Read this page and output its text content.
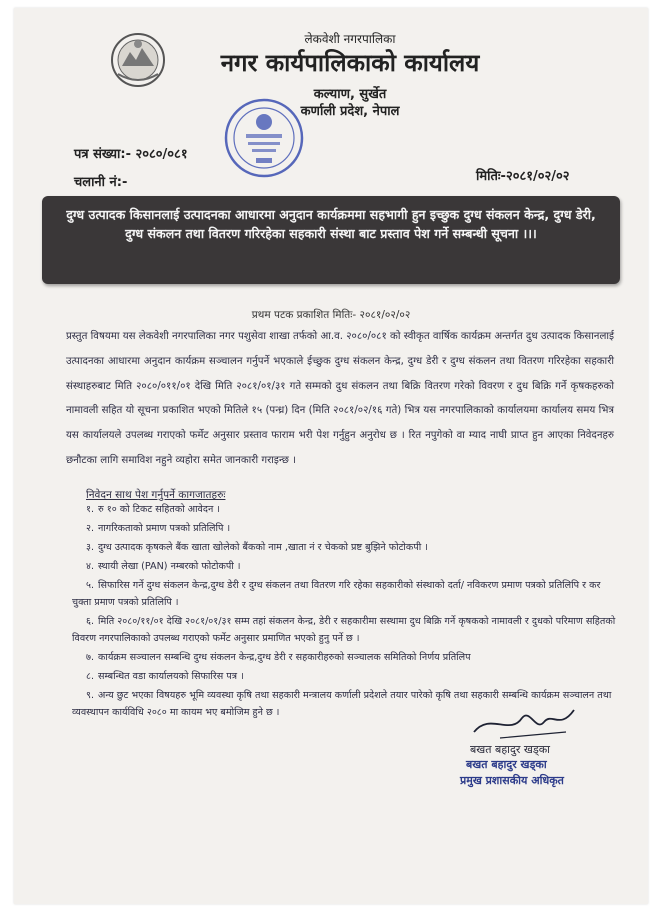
लेकवेशी नगरपालिका
नगर कार्यपालिकाको कार्यालय
कल्याण, सुर्खेत
कर्णाली प्रदेश, नेपाल
पत्र संख्या:- २०८०/०८१
चलानी नं:-	मितिः-२०८१/०२/०२
दुग्ध उत्पादक किसानलाई उत्पादनका आधारमा अनुदान कार्यक्रममा सहभागी हुन इच्छुक दुग्ध संकलन केन्द्र, दुग्ध डेरी, दुग्ध संकलन तथा वितरण गरिरहेका सहकारी संस्था बाट प्रस्ताव पेश गर्ने सम्बन्धी सूचना ।।।
प्रथम पटक प्रकाशित मितिः- २०८१/०२/०२
प्रस्तुत विषयमा यस लेकवेशी नगरपालिका नगर पशुसेवा शाखा तर्फको आ.व. २०८०/०८१ को स्वीकृत वार्षिक कार्यक्रम अन्तर्गत दुध उत्पादक किसानलाई उत्पादनका आधारमा अनुदान कार्यक्रम सञ्चालन गर्नुपर्ने भएकाले ईच्छुक दुग्ध संकलन केन्द्र, दुग्ध डेरी र दुग्ध संकलन तथा वितरण गरिरहेका सहकारी संस्थाहरुबाट मिति २०८०/०११/०१ देखि मिति २०८१/०१/३१ गते सम्मको दुध संकलन तथा बिक्रि वितरण गरेको विवरण र दुध बिक्रि गर्ने कृषकहरुको नामावली सहित यो सूचना प्रकाशित भएको मितिले १५ (पन्ध्र) दिन (मिति २०८१/०२/१६ गते) भित्र यस नगरपालिकाको कार्यालयमा कार्यालय समय भित्र यस कार्यालयले उपलब्ध गराएको फर्मेट अनुसार प्रस्ताव फाराम भरी पेश गर्नुहुन अनुरोध छ । रित नपुगेको वा म्याद नाघी प्राप्त हुन आएका निवेदनहरु छनौटका लागि समाविश नहुने व्यहोरा समेत जानकारी गराइन्छ ।
निवेदन साथ पेश गर्नुपर्ने कागजातहरुः
१. रु १० को टिकट सहितको आवेदन ।
२. नागरिकताको प्रमाण पत्रको प्रतिलिपि ।
३. दुग्ध उत्पादक कृषकले बैंक खाता खोलेको बैंकको नाम ,खाता नं र चेकको प्रष्ट बुझिने फोटोकपी ।
४. स्थायी लेखा (PAN) नम्बरको फोटोकपी ।
५. सिफारिस गर्ने दुग्ध संकलन केन्द्र,दुग्ध डेरी र दुग्ध संकलन तथा वितरण गरि रहेका सहकारीको संस्थाको दर्ता/ नविकरण प्रमाण पत्रको प्रतिलिपि र कर चुक्ता प्रमाण पत्रको प्रतिलिपि ।
६. मिति २०८०/११/०१ देखि २०८१/०१/३१ सम्म तहां संकलन केन्द्र, डेरी र सहकारीमा सस्थामा दुध बिक्रि गर्ने कृषकको नामावली र दुधको परिमाण सहितको विवरण नगरपालिकाको उपलब्ध गराएको फर्मेट अनुसार प्रमाणित भएको हुनु पर्ने छ ।
७. कार्यक्रम सञ्चालन सम्बन्धि दुग्ध संकलन केन्द्र,दुग्ध डेरी र सहकारीहरुको सञ्चालक समितिको निर्णय प्रतिलिप
८. सम्बन्धित वडा कार्यालयको सिफारिस पत्र ।
९. अन्य छुट भएका विषयहरु भूमि व्यवस्था कृषि तथा सहकारी मन्त्रालय कर्णाली प्रदेशले तयार पारेको कृषि तथा सहकारी सम्बन्धि कार्यक्रम सञ्चालन तथा व्यवस्थापन कार्यविधि २०८० मा कायम भए बमोजिम हुने छ ।
बखत बहादुर खड्का
बखत बहादुर खड्का
प्रमुख प्रशासकीय अधिकृत
